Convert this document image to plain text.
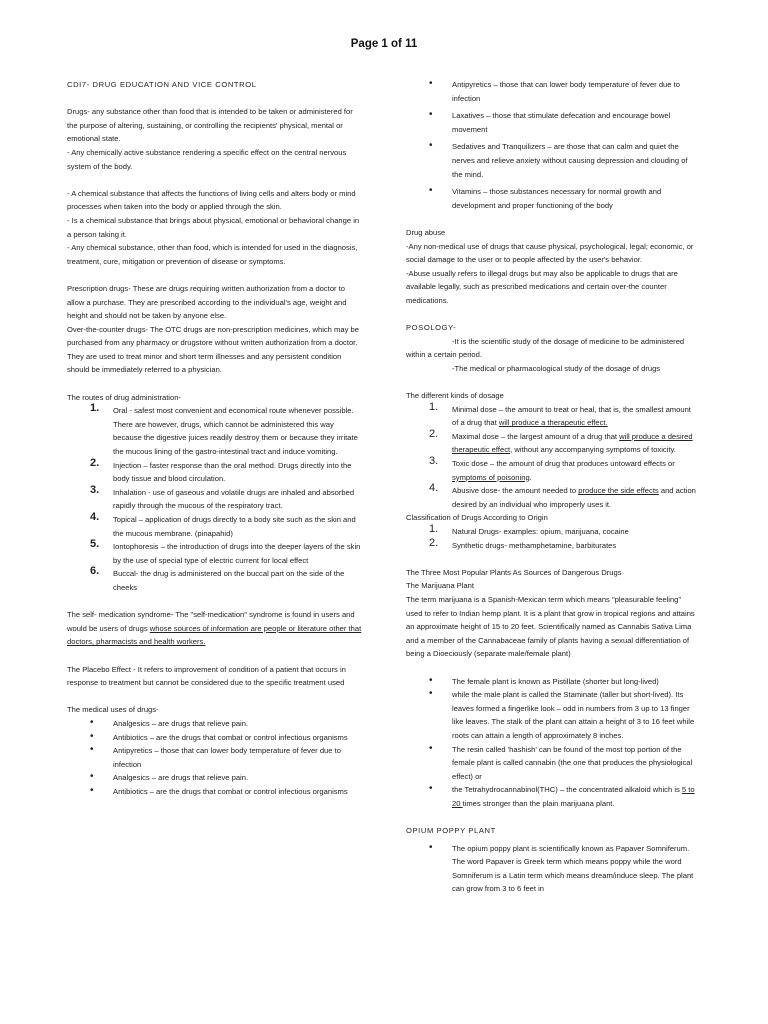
Page 1 of 11

CDI7- DRUG EDUCATION AND VICE CONTROL

Drugs- any substance other than food that is intended to be taken or administered for the purpose of altering, sustaining, or controlling the recipients' physical, mental or emotional state.

- Any chemically active substance rendering a specific effect on the central nervous system of the body.

- A chemical substance that affects the functions of living cells and alters body or mind processes when taken into the body or applied through the skin.

- Is a chemical substance that brings about physical, emotional or behavioral change in a person taking it.

- Any chemical substance, other than food, which is intended for used in the diagnosis, treatment, cure, mitigation or prevention of disease or symptoms.

Prescription drugs- These are drugs requiring written authorization from a doctor to allow a purchase. They are prescribed according to the individual's age, weight and height and should not be taken by anyone else.

Over-the-counter drugs- The OTC drugs are non-prescription medicines, which may be purchased from any pharmacy or drugstore without written authorization from a doctor. They are used to treat minor and short term illnesses and any persistent condition should be immediately referred to a physician.

The routes of drug administration-

1. Oral - safest most convenient and economical route whenever possible. There are however, drugs, which cannot be administered this way because the digestive juices readily destroy them or because they irritate the mucous lining of the gastro-intestinal tract and induce vomiting.
2. Injection – faster response than the oral method. Drugs directly into the body tissue and blood circulation.
3. Inhalation - use of gaseous and volatile drugs are inhaled and absorbed rapidly through the mucous of the respiratory tract.
4. Topical – application of drugs directly to a body site such as the skin and the mucous membrane. (pinapahid)
5. Iontophoresis – the introduction of drugs into the deeper layers of the skin by the use of special type of electric current for local effect
6. Buccal- the drug is administered on the buccal part on the side of the cheeks

The self- medication syndrome- The "self-medication" syndrome is found in users and would be users of drugs whose sources of information are people or literature other that doctors, pharmacists and health workers.

The Placebo Effect - It refers to improvement of condition of a patient that occurs in response to treatment but cannot be considered due to the specific treatment used

The medical uses of drugs-

• Analgesics – are drugs that relieve pain.
• Antibiotics – are the drugs that combat or control infectious organisms
• Antipyretics – those that can lower body temperature of fever due to infection
• Analgesics – are drugs that relieve pain.
• Antibiotics – are the drugs that combat or control infectious organisms
• Antipyretics – those that can lower body temperature of fever due to infection
• Laxatives – those that stimulate defecation and encourage bowel movement
• Sedatives and Tranquilizers – are those that can calm and quiet the nerves and relieve anxiety without causing depression and clouding of the mind.
• Vitamins – those substances necessary for normal growth and development and proper functioning of the body

Drug abuse

-Any non-medical use of drugs that cause physical, psychological, legal; economic, or social damage to the user or to people affected by the user's behavior.

-Abuse usually refers to illegal drugs but may also be applicable to drugs that are available legally, such as prescribed medications and certain over-the counter medications.

POSOLOGY-

-It is the scientific study of the dosage of medicine to be administered within a certain period.

-The medical or pharmacological study of the dosage of drugs

The different kinds of dosage

1. Minimal dose – the amount to treat or heal, that is, the smallest amount of a drug that will produce a therapeutic effect.
2. Maximal dose – the largest amount of a drug that will produce a desired therapeutic effect, without any accompanying symptoms of toxicity.
3. Toxic dose – the amount of drug that produces untoward effects or symptoms of poisoning.
4. Abusive dose- the amount needed to produce the side effects and action desired by an individual who improperly uses it.

Classification of Drugs According to Origin

1. Natural Drugs- examples: opium, marijuana, cocaine
2. Synthetic drugs- methamphetamine, barbiturates

The Three Most Popular Plants As Sources of Dangerous Drugs

The Marijuana Plant

The term marijuana is a Spanish-Mexican term which means "pleasurable feeling" used to refer to Indian hemp plant. It is a plant that grow in tropical regions and attains an approximate height of 15 to 20 feet. Scientifically named as Cannabis Sativa Lima and a member of the Cannabaceae family of plants having a sexual differentiation of being a Dioeciously (separate male/female plant)

• The female plant is known as Pistillate (shorter but long-lived)
• while the male plant is called the Staminate (taller but short-lived). Its leaves formed a fingerlike look – odd in numbers from 3 up to 13 finger like leaves. The stalk of the plant can attain a height of 3 to 16 feet while roots can attain a length of approximately 8 inches.
• The resin called 'hashish' can be found of the most top portion of the female plant is called cannabin (the one that produces the physiological effect) or
• the Tetrahydrocannabinol(THC) – the concentrated alkaloid which is 5 to 20 times stronger than the plain marijuana plant.

OPIUM POPPY PLANT

• The opium poppy plant is scientifically known as Papaver Somniferum. The word Papaver is Greek term which means poppy while the word Somniferum is a Latin term which means dream/induce sleep. The plant can grow from 3 to 6 feet in
